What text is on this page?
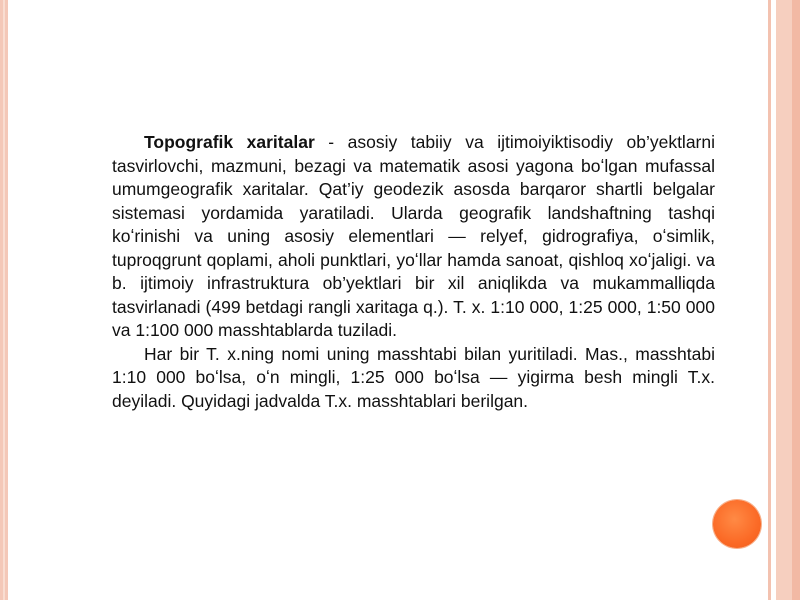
Topografik xaritalar - asosiy tabiiy va ijtimoiyiktisodiy ob’yektlarni tasvirlovchi, mazmuni, bezagi va matematik asosi yagona boʻlgan mufassal umumgeografik xaritalar. Qat’iy geodezik asosda barqaror shartli belgalar sistemasi yordamida yaratiladi. Ularda geografik landshaftning tashqi koʻrinishi va uning asosiy elementlari — relyef, gidrografiya, oʻsimlik, tuproqgrunt qoplami, aholi punktlari, yoʻllar hamda sanoat, qishloq xoʻjaligi. va b. ijtimoiy infrastruktura ob’yektlari bir xil aniqlikda va mukammalliqda tasvirlanadi (499 betdagi rangli xaritaga q.). T. x. 1:10 000, 1:25 000, 1:50 000 va 1:100 000 masshtablarda tuziladi.

Har bir T. x.ning nomi uning masshtabi bilan yuritiladi. Mas., masshtabi 1:10 000 boʻlsa, oʻn mingli, 1:25 000 boʻlsa — yigirma besh mingli T.x. deyiladi. Quyidagi jadvalda T.x. masshtablari berilgan.
